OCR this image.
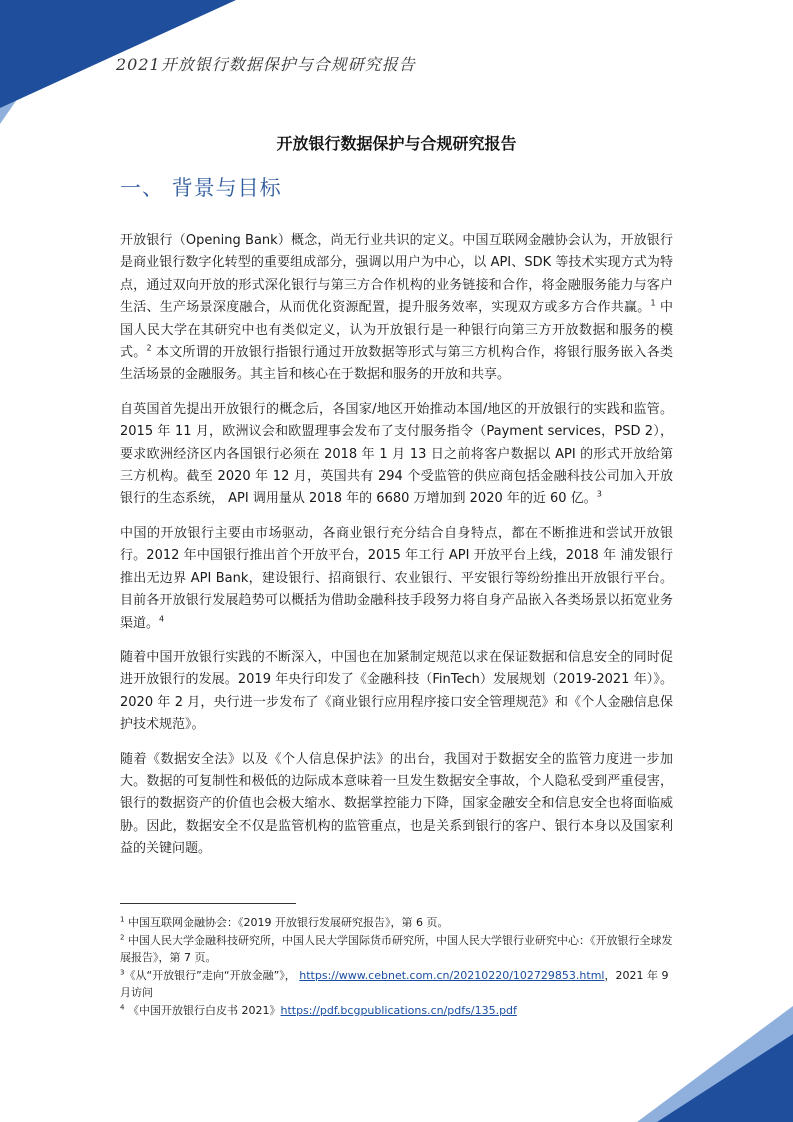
2021开放银行数据保护与合规研究报告

开放银行数据保护与合规研究报告
一、 背景与目标

开放银行（Opening Bank）概念，尚无行业共识的定义。中国互联网金融协会认为，开放银行是商业银行数字化转型的重要组成部分，强调以用户为中心，以 API、SDK 等技术实现方式为特点，通过双向开放的形式深化银行与第三方合作机构的业务链接和合作，将金融服务能力与客户生活、生产场景深度融合，从而优化资源配置，提升服务效率，实现双方或多方合作共赢。$^1$ 中国人民大学在其研究中也有类似定义，认为开放银行是一种银行向第三方开放数据和服务的模式。$^2$ 本文所谓的开放银行指银行通过开放数据等形式与第三方机构合作，将银行服务嵌入各类生活场景的金融服务。其主旨和核心在于数据和服务的开放和共享。

自英国首先提出开放银行的概念后，各国家/地区开始推动本国/地区的开放银行的实践和监管。2015 年 11 月，欧洲议会和欧盟理事会发布了支付服务指令（Payment services，PSD 2），要求欧洲经济区内各国银行必须在 2018 年 1 月 13 日之前将客户数据以 API 的形式开放给第三方机构。截至 2020 年 12 月，英国共有 294 个受监管的供应商包括金融科技公司加入开放银行的生态系统， API 调用量从 2018 年的 6680 万增加到 2020 年的近 60 亿。$^3$

中国的开放银行主要由市场驱动，各商业银行充分结合自身特点，都在不断推进和尝试开放银行。2012 年中国银行推出首个开放平台，2015 年工行 API 开放平台上线，2018 年 浦发银行推出无边界 API Bank，建设银行、招商银行、农业银行、平安银行等纷纷推出开放银行平台。目前各开放银行发展趋势可以概括为借助金融科技手段努力将自身产品嵌入各类场景以拓宽业务渠道。$^4$

随着中国开放银行实践的不断深入，中国也在加紧制定规范以求在保证数据和信息安全的同时促进开放银行的发展。2019 年央行印发了《金融科技（FinTech）发展规划（2019-2021 年）》。2020 年 2 月，央行进一步发布了《商业银行应用程序接口安全管理规范》和《个人金融信息保护技术规范》。

随着《数据安全法》以及《个人信息保护法》的出台，我国对于数据安全的监管力度进一步加大。数据的可复制性和极低的边际成本意味着一旦发生数据安全事故，个人隐私受到严重侵害，银行的数据资产的价值也会极大缩水、数据掌控能力下降，国家金融安全和信息安全也将面临威胁。因此，数据安全不仅是监管机构的监管重点，也是关系到银行的客户、银行本身以及国家利益的关键问题。

$^1$ 中国互联网金融协会：《2019 开放银行发展研究报告》，第 6 页。

$^2$ 中国人民大学金融科技研究所，中国人民大学国际货币研究所，中国人民大学银行业研究中心：《开放银行全球发展报告》，第 7 页。

$^3$《从“开放银行”走向“开放金融”》， https://www.cebnet.com.cn/20210220/102729853.html，2021 年 9 月访问

$^4$ 《中国开放银行白皮书 2021》https://pdf.bcgpublications.cn/pdfs/135.pdf
